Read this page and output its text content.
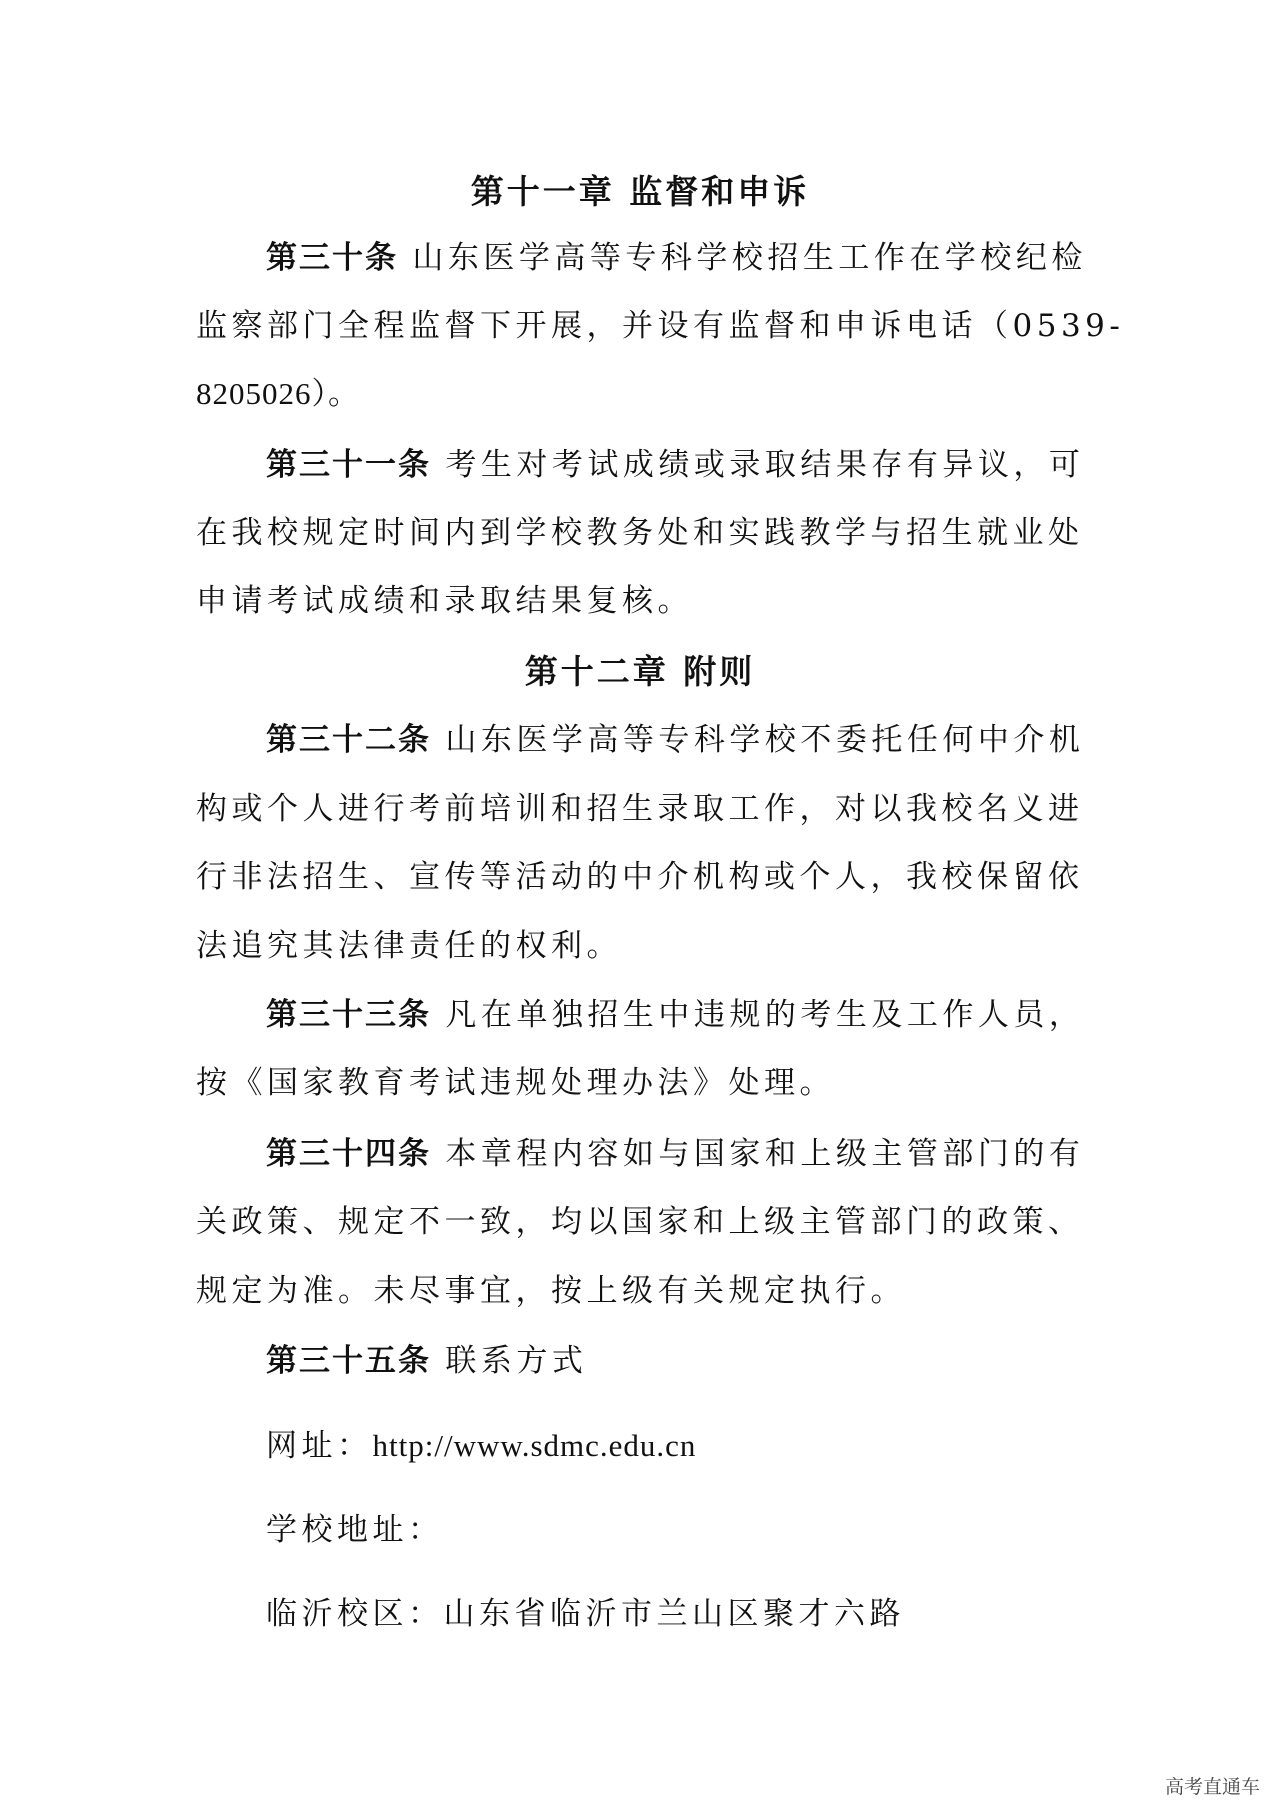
第十一章 监督和申诉
第三十条 山东医学高等专科学校招生工作在学校纪检
监察部门全程监督下开展，并设有监督和申诉电话（0539-
8205026）。
第三十一条 考生对考试成绩或录取结果存有异议，可
在我校规定时间内到学校教务处和实践教学与招生就业处
申请考试成绩和录取结果复核。
第十二章 附则
第三十二条 山东医学高等专科学校不委托任何中介机
构或个人进行考前培训和招生录取工作，对以我校名义进
行非法招生、宣传等活动的中介机构或个人，我校保留依
法追究其法律责任的权利。
第三十三条 凡在单独招生中违规的考生及工作人员，
按《国家教育考试违规处理办法》处理。
第三十四条 本章程内容如与国家和上级主管部门的有
关政策、规定不一致，均以国家和上级主管部门的政策、
规定为准。未尽事宜，按上级有关规定执行。
第三十五条 联系方式
网址：http://www.sdmc.edu.cn
学校地址：
临沂校区：山东省临沂市兰山区聚才六路
高考直通车
